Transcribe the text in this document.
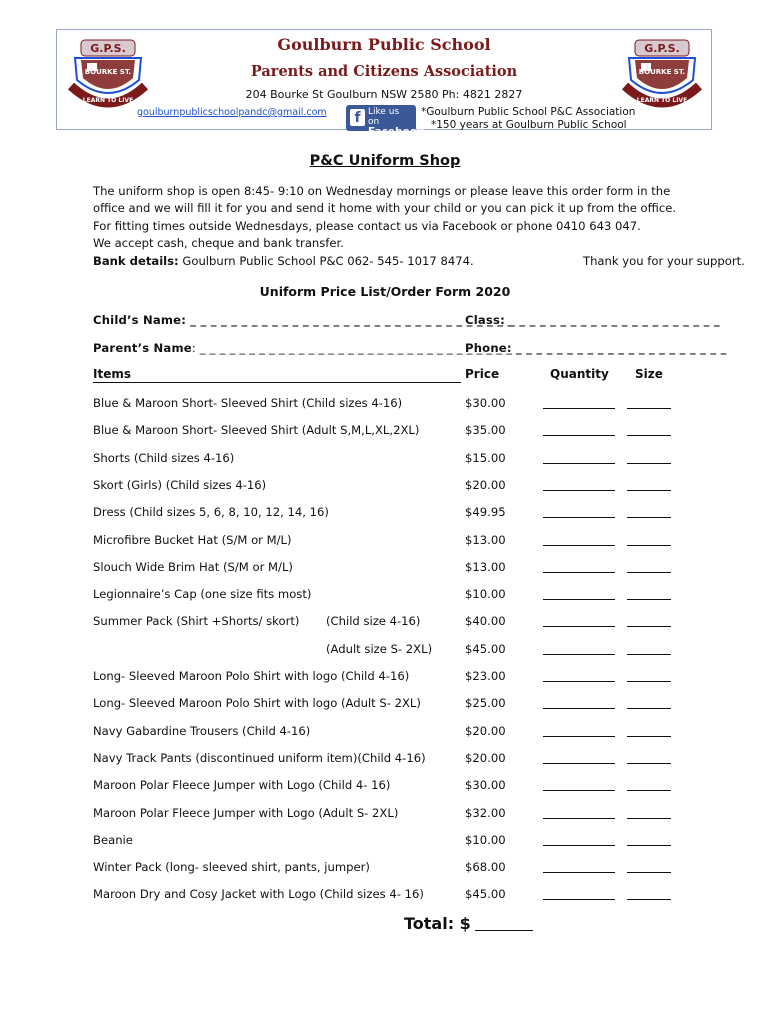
G.P.S.
BOURKE ST.
LEARN TO LIVE
Goulburn Public School
Parents and Citizens Association
204 Bourke St Goulburn NSW 2580 Ph: 4821 2827
goulburnpublicschoolpandc@gmail.com	f Like us on
Facebook
*Goulburn Public School P&C Association
*150 years at Goulburn Public School
G.P.S.
BOURKE ST.
LEARN TO LIVE
P&C Uniform Shop
The uniform shop is open 8:45- 9:10 on Wednesday mornings or please leave this order form in the
office and we will fill it for you and send it home with your child or you can pick it up from the office.
For fitting times outside Wednesdays, please contact us via Facebook or phone 0410 643 047.
We accept cash, cheque and bank transfer.
Bank details: Goulburn Public School P&C 062- 545- 1017 8474.	Thank you for your support.
Uniform Price List/Order Form 2020
Child’s Name: _ _ _ _ _ _ _ _ _ _ _ _ _ _ _ _ _ _ _ _ _ _ _ _ _ _ _ _ _ _ _ _
Class: _ _ _ _ _ _ _ _ _ _ _ _ _ _ _ _ _ _ _ _ _
Parent’s Name: _ _ _ _ _ _ _ _ _ _ _ _ _ _ _ _ _ _ _ _ _ _ _ _ _ _ _ _ _ _ _ _
Phone: _ _ _ _ _ _ _ _ _ _ _ _ _ _ _ _ _ _ _ _ _
Items	Price	Quantity Size
Blue & Maroon Short- Sleeved Shirt (Child sizes 4-16)	$30.00
Blue & Maroon Short- Sleeved Shirt (Adult S,M,L,XL,2XL)	$35.00
Shorts (Child sizes 4-16)	$15.00
Skort (Girls) (Child sizes 4-16)	$20.00
Dress (Child sizes 5, 6, 8, 10, 12, 14, 16)	$49.95
Microfibre Bucket Hat (S/M or M/L)	$13.00
Slouch Wide Brim Hat (S/M or M/L)	$13.00
Legionnaire’s Cap (one size fits most)	$10.00
Summer Pack (Shirt +Shorts/ skort) (Child size 4-16)	$40.00
(Adult size S- 2XL)	$45.00
Long- Sleeved Maroon Polo Shirt with logo (Child 4-16)	$23.00
Long- Sleeved Maroon Polo Shirt with logo (Adult S- 2XL)	$25.00
Navy Gabardine Trousers (Child 4-16)	$20.00
Navy Track Pants (discontinued uniform item)(Child 4-16)	$20.00
Maroon Polar Fleece Jumper with Logo (Child 4- 16)	$30.00
Maroon Polar Fleece Jumper with Logo (Adult S- 2XL)	$32.00
Beanie	$10.00
Winter Pack (long- sleeved shirt, pants, jumper)	$68.00
Maroon Dry and Cosy Jacket with Logo (Child sizes 4- 16)	$45.00
Total: $
